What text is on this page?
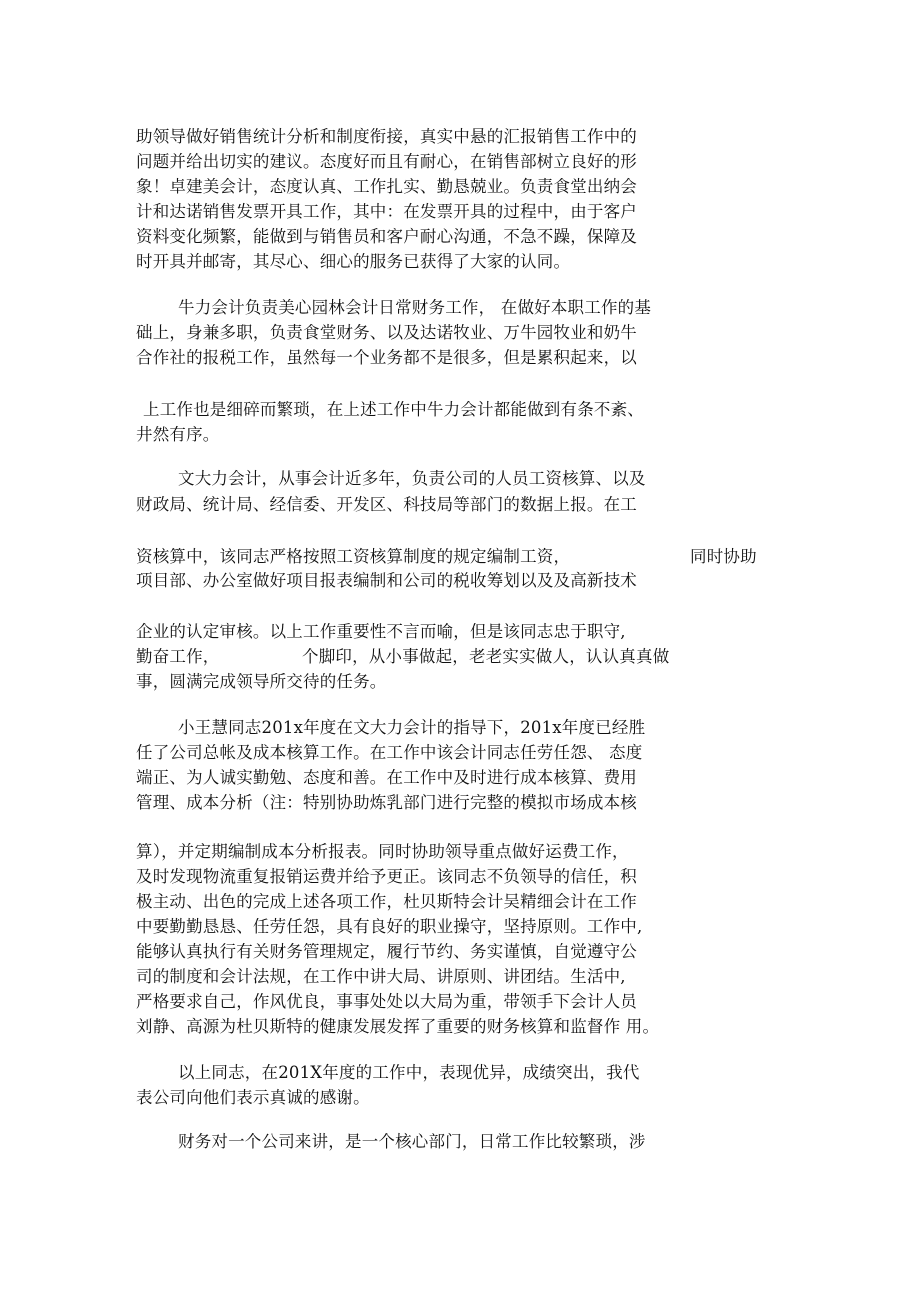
助领导做好销售统计分析和制度衔接，真实中悬的汇报销售工作中的
问题并给出切实的建议。态度好而且有耐心，在销售部树立良好的形
象！卓建美会计，态度认真、工作扎实、勤恳兢业。负责食堂出纳会
计和达诺销售发票开具工作，其中：在发票开具的过程中，由于客户
资料变化频繁，能做到与销售员和客户耐心沟通，不急不躁，保障及
时开具并邮寄，其尽心、细心的服务已获得了大家的认同。
牛力会计负责美心园林会计日常财务工作， 在做好本职工作的基
础上，身兼多职，负责食堂财务、以及达诺牧业、万牛园牧业和奶牛
合作社的报税工作，虽然每一个业务都不是很多，但是累积起来，以
上工作也是细碎而繁琐，在上述工作中牛力会计都能做到有条不紊、
井然有序。
文大力会计，从事会计近多年，负责公司的人员工资核算、以及
财政局、统计局、经信委、开发区、科技局等部门的数据上报。在工
资核算中，该同志严格按照工资核算制度的规定编制工资，	同时协助
项目部、办公室做好项目报表编制和公司的税收筹划以及及高新技术
企业的认定审核。以上工作重要性不言而喻，但是该同志忠于职守,
勤奋工作，	个脚印，从小事做起，老老实实做人，认认真真做
事，圆满完成领导所交待的任务。
小王慧同志201x年度在文大力会计的指导下，201x年度已经胜
任了公司总帐及成本核算工作。在工作中该会计同志任劳任怨、 态度
端正、为人诚实勤勉、态度和善。在工作中及时进行成本核算、费用
管理、成本分析（注：特别协助炼乳部门进行完整的模拟市场成本核
算），并定期编制成本分析报表。同时协助领导重点做好运费工作，
及时发现物流重复报销运费并给予更正。该同志不负领导的信任，积
极主动、出色的完成上述各项工作，杜贝斯特会计吴精细会计在工作
中要勤勤恳恳、任劳任怨，具有良好的职业操守，坚持原则。工作中,
能够认真执行有关财务管理规定，履行节约、务实谨慎，自觉遵守公
司的制度和会计法规，在工作中讲大局、讲原则、讲团结。生活中,
严格要求自己，作风优良，事事处处以大局为重，带领手下会计人员
刘静、高源为杜贝斯特的健康发展发挥了重要的财务核算和监督作 用。
以上同志，在201X年度的工作中，表现优异，成绩突出，我代
表公司向他们表示真诚的感谢。
财务对一个公司来讲，是一个核心部门，日常工作比较繁琐，涉
